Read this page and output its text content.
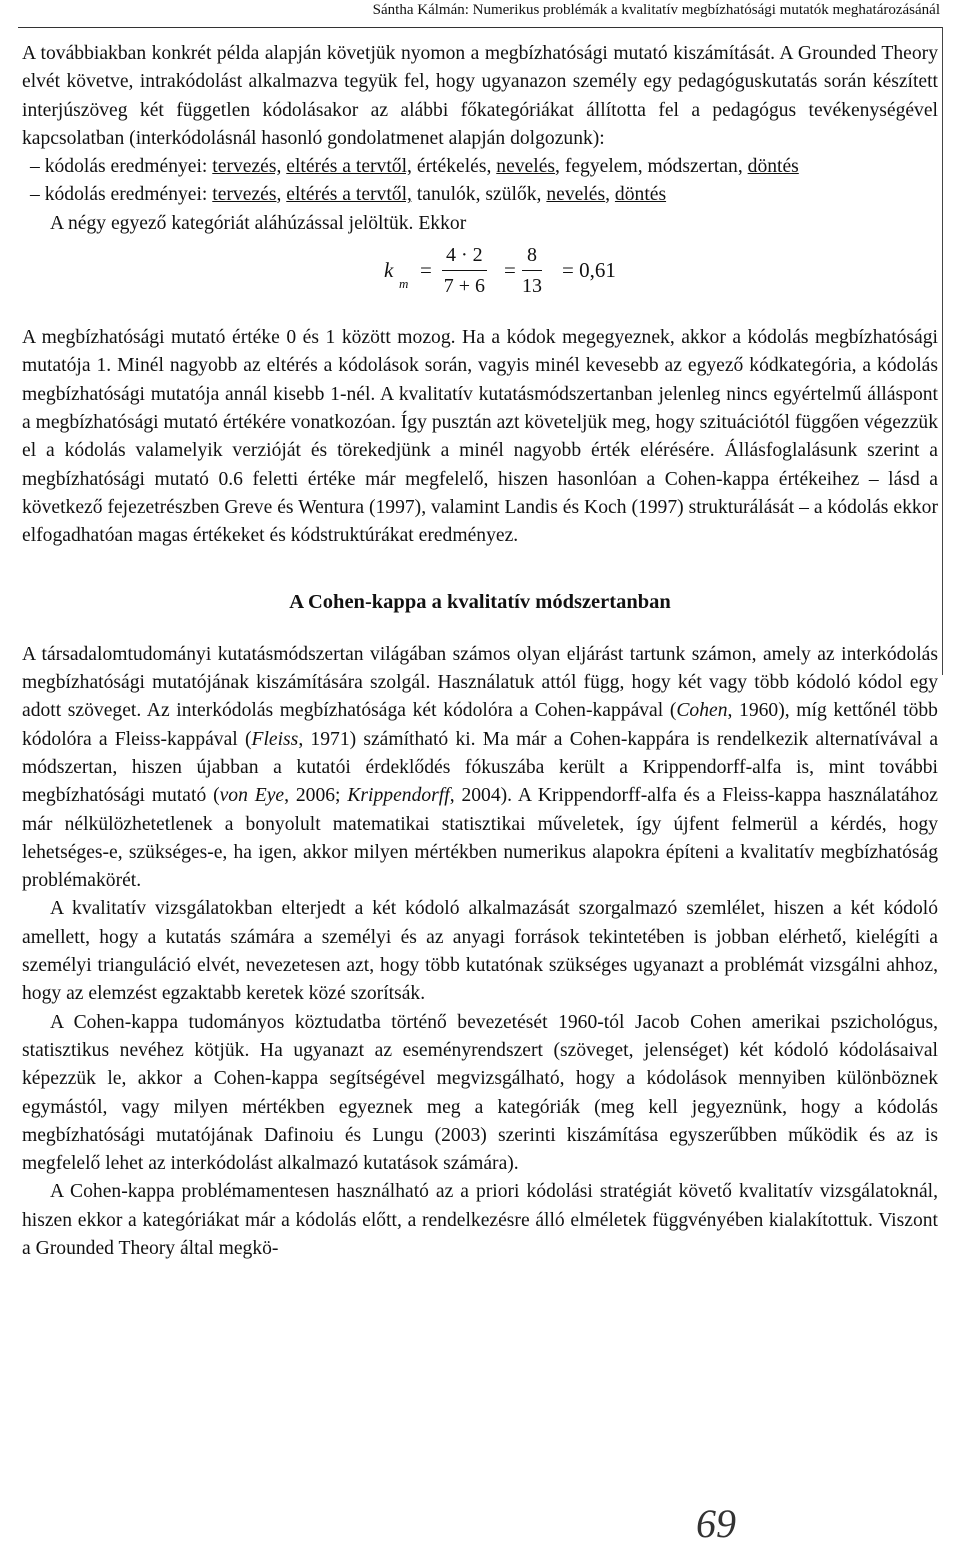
Sántha Kálmán: Numerikus problémák a kvalitatív megbízhatósági mutatók meghatározásánál

A továbbiakban konkrét példa alapján követjük nyomon a megbízhatósági mutató kiszámítását. A Grounded Theory elvét követve, intrakódolást alkalmazva tegyük fel, hogy ugyanazon személy egy pedagóguskutatás során készített interjúszöveg két független kódolásakor az alábbi főkategóriákat állította fel a pedagógus tevékenységével kapcsolatban (interkódolásnál hasonló gondolatmenet alapján dolgozunk):

– kódolás eredményei: tervezés, eltérés a tervtől, értékelés, nevelés, fegyelem, módszertan, döntés

– kódolás eredményei: tervezés, eltérés a tervtől, tanulók, szülők, nevelés, döntés

A négy egyező kategóriát aláhúzással jelöltük. Ekkor

k
m
= $\frac{4 \cdot 2}{7 + 6} = \frac{8}{13} = 0,61$

A megbízhatósági mutató értéke 0 és 1 között mozog. Ha a kódok megegyeznek, akkor a kódolás megbízhatósági mutatója 1. Minél nagyobb az eltérés a kódolások során, vagyis minél kevesebb az egyező kódkategória, a kódolás megbízhatósági mutatója annál kisebb 1-nél. A kvalitatív kutatásmódszertanban jelenleg nincs egyértelmű álláspont a megbízhatósági mutató értékére vonatkozóan. Így pusztán azt követeljük meg, hogy szituációtól függően végezzük el a kódolás valamelyik verzióját és törekedjünk a minél nagyobb érték elérésére. Állásfoglalásunk szerint a megbízhatósági mutató 0.6 feletti értéke már megfelelő, hiszen hasonlóan a Cohen-kappa értékeihez – lásd a következő fejezetrészben Greve és Wentura (1997), valamint Landis és Koch (1997) strukturálását – a kódolás ekkor elfogadhatóan magas értékeket és kódstruktúrákat eredményez.

A Cohen-kappa a kvalitatív módszertanban

A társadalomtudományi kutatásmódszertan világában számos olyan eljárást tartunk számon, amely az interkódolás megbízhatósági mutatójának kiszámítására szolgál. Használatuk attól függ, hogy két vagy több kódoló kódol egy adott szöveget. Az interkódolás megbízhatósága két kódolóra a Cohen-kappával (Cohen, 1960), míg kettőnél több kódolóra a Fleiss-kappával (Fleiss, 1971) számítható ki. Ma már a Cohen-kappára is rendelkezik alternatívával a módszertan, hiszen újabban a kutatói érdeklődés fókuszába került a Krippendorff-alfa is, mint további megbízhatósági mutató (von Eye, 2006; Krippendorff, 2004). A Krippendorff-alfa és a Fleiss-kappa használatához már nélkülözhetetlenek a bonyolult matematikai statisztikai műveletek, így újfent felmerül a kérdés, hogy lehetséges-e, szükséges-e, ha igen, akkor milyen mértékben numerikus alapokra építeni a kvalitatív megbízhatóság problémakörét.

A kvalitatív vizsgálatokban elterjedt a két kódoló alkalmazását szorgalmazó szemlélet, hiszen a két kódoló amellett, hogy a kutatás számára a személyi és az anyagi források tekintetében is jobban elérhető, kielégíti a személyi trianguláció elvét, nevezetesen azt, hogy több kutatónak szükséges ugyanazt a problémát vizsgálni ahhoz, hogy az elemzést egzaktabb keretek közé szorítsák.

A Cohen-kappa tudományos köztudatba történő bevezetését 1960-tól Jacob Cohen amerikai pszichológus, statisztikus nevéhez kötjük. Ha ugyanazt az eseményrendszert (szöveget, jelenséget) két kódoló kódolásaival képezzük le, akkor a Cohen-kappa segítségével megvizsgálható, hogy a kódolások mennyiben különböznek egymástól, vagy milyen mértékben egyeznek meg a kategóriák (meg kell jegyeznünk, hogy a kódolás megbízhatósági mutatójának Dafinoiu és Lungu (2003) szerinti kiszámítása egyszerűbben működik és az is megfelelő lehet az interkódolást alkalmazó kutatások számára).

A Cohen-kappa problémamentesen használható az a priori kódolási stratégiát követő kvalitatív vizsgálatoknál, hiszen ekkor a kategóriákat már a kódolás előtt, a rendelkezésre álló elméletek függvényében kialakítottuk. Viszont a Grounded Theory által megkö-

69
